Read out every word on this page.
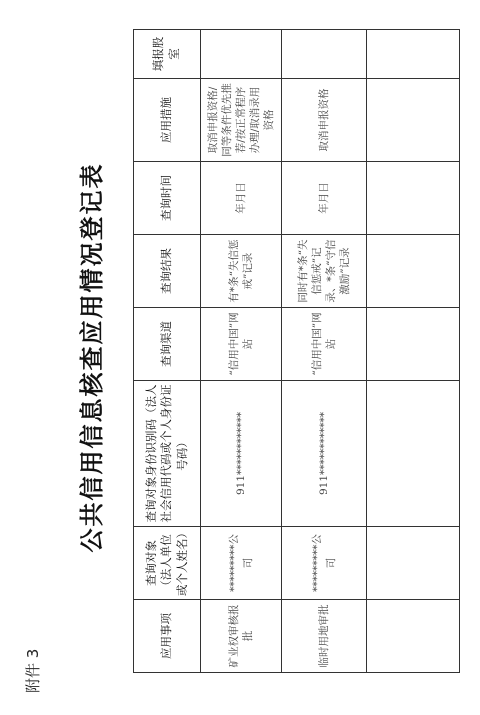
附件 3
公共信用信息核查应用情况登记表
应用事项	查询对象（法人单位或个人姓名）	查询对象身份识别码（法人社会信用代码或个人身份证号码）	查询渠道	查询结果	查询时间	应用措施	填报股室
矿业权审核报批	*********公司	911************	“信用中国”网站	有*条“失信惩戒”记录	年月日	取消申报资格/同等条件优先推荐/按正常程序办理/取消录用资格	
临时用地审批	*********公司	911************	“信用中国”网站	同时有*条“失信惩戒”记录、*条“守信激励”记录	年月日	取消申报资格	
